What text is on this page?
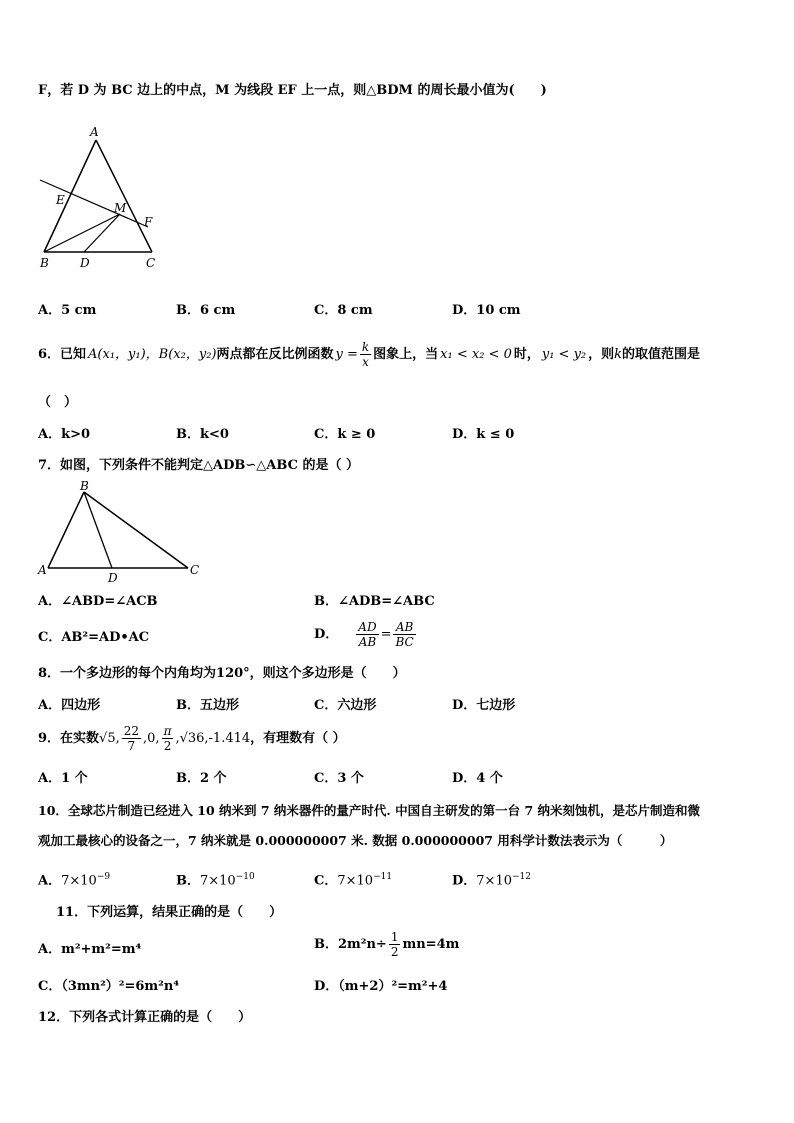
F，若 D 为 BC 边上的中点，M 为线段 EF 上一点，则△BDM 的周长最小值为(　　)
A
E
M
F
B	D	C
A．5 cm	B．6 cm	C．8 cm	D．10 cm
6．已知 A(x₁，y₁)，B(x₂，y₂) 两点都在反比例函数 $y = \frac{k}{x}$ 图象上，当 x₁ < x₂ < 0 时， y₁ < y₂ ，则 k 的取值范围是
（　）
A．k>0	B．k<0	C．k ≥ 0	D．k ≤ 0
7．如图，下列条件不能判定△ADB∽△ABC 的是（ ）
B
A
D
C
A．∠ABD=∠ACB	B．∠ADB=∠ABC
C．AB²=AD•AC	D． $\frac{AD}{AB} = \frac{AB}{BC}$
8．一个多边形的每个内角均为120°，则这个多边形是（　　）
A．四边形	B．五边形	C．六边形	D．七边形
9．在实数 √5, $\frac{22}{7} ,0$, $\frac{\pi}{2} ,√36,-1.414$ ，有理数有（ ）
A．1 个	B．2 个	C．3 个	D．4 个
10．全球芯片制造已经进入 10 纳米到 7 纳米器件的量产时代. 中国自主研发的第一台 7 纳米刻蚀机，是芯片制造和微
观加工最核心的设备之一，7 纳米就是 0.000000007 米. 数据 0.000000007 用科学计数法表示为（　　　）
A．$7\times 10^{-9}$	B．$7\times 10^{-10}$	C．$7\times 10^{-11}$	D．$7\times 10^{-12}$
11．下列运算，结果正确的是（　　）
A．m²+m²=m⁴	B．$2m^2n\div \frac{1}{2} mn=4m$
C．（3mn²）²=6m²n⁴	D．（m+2）²=m²+4
12．下列各式计算正确的是（　　）
